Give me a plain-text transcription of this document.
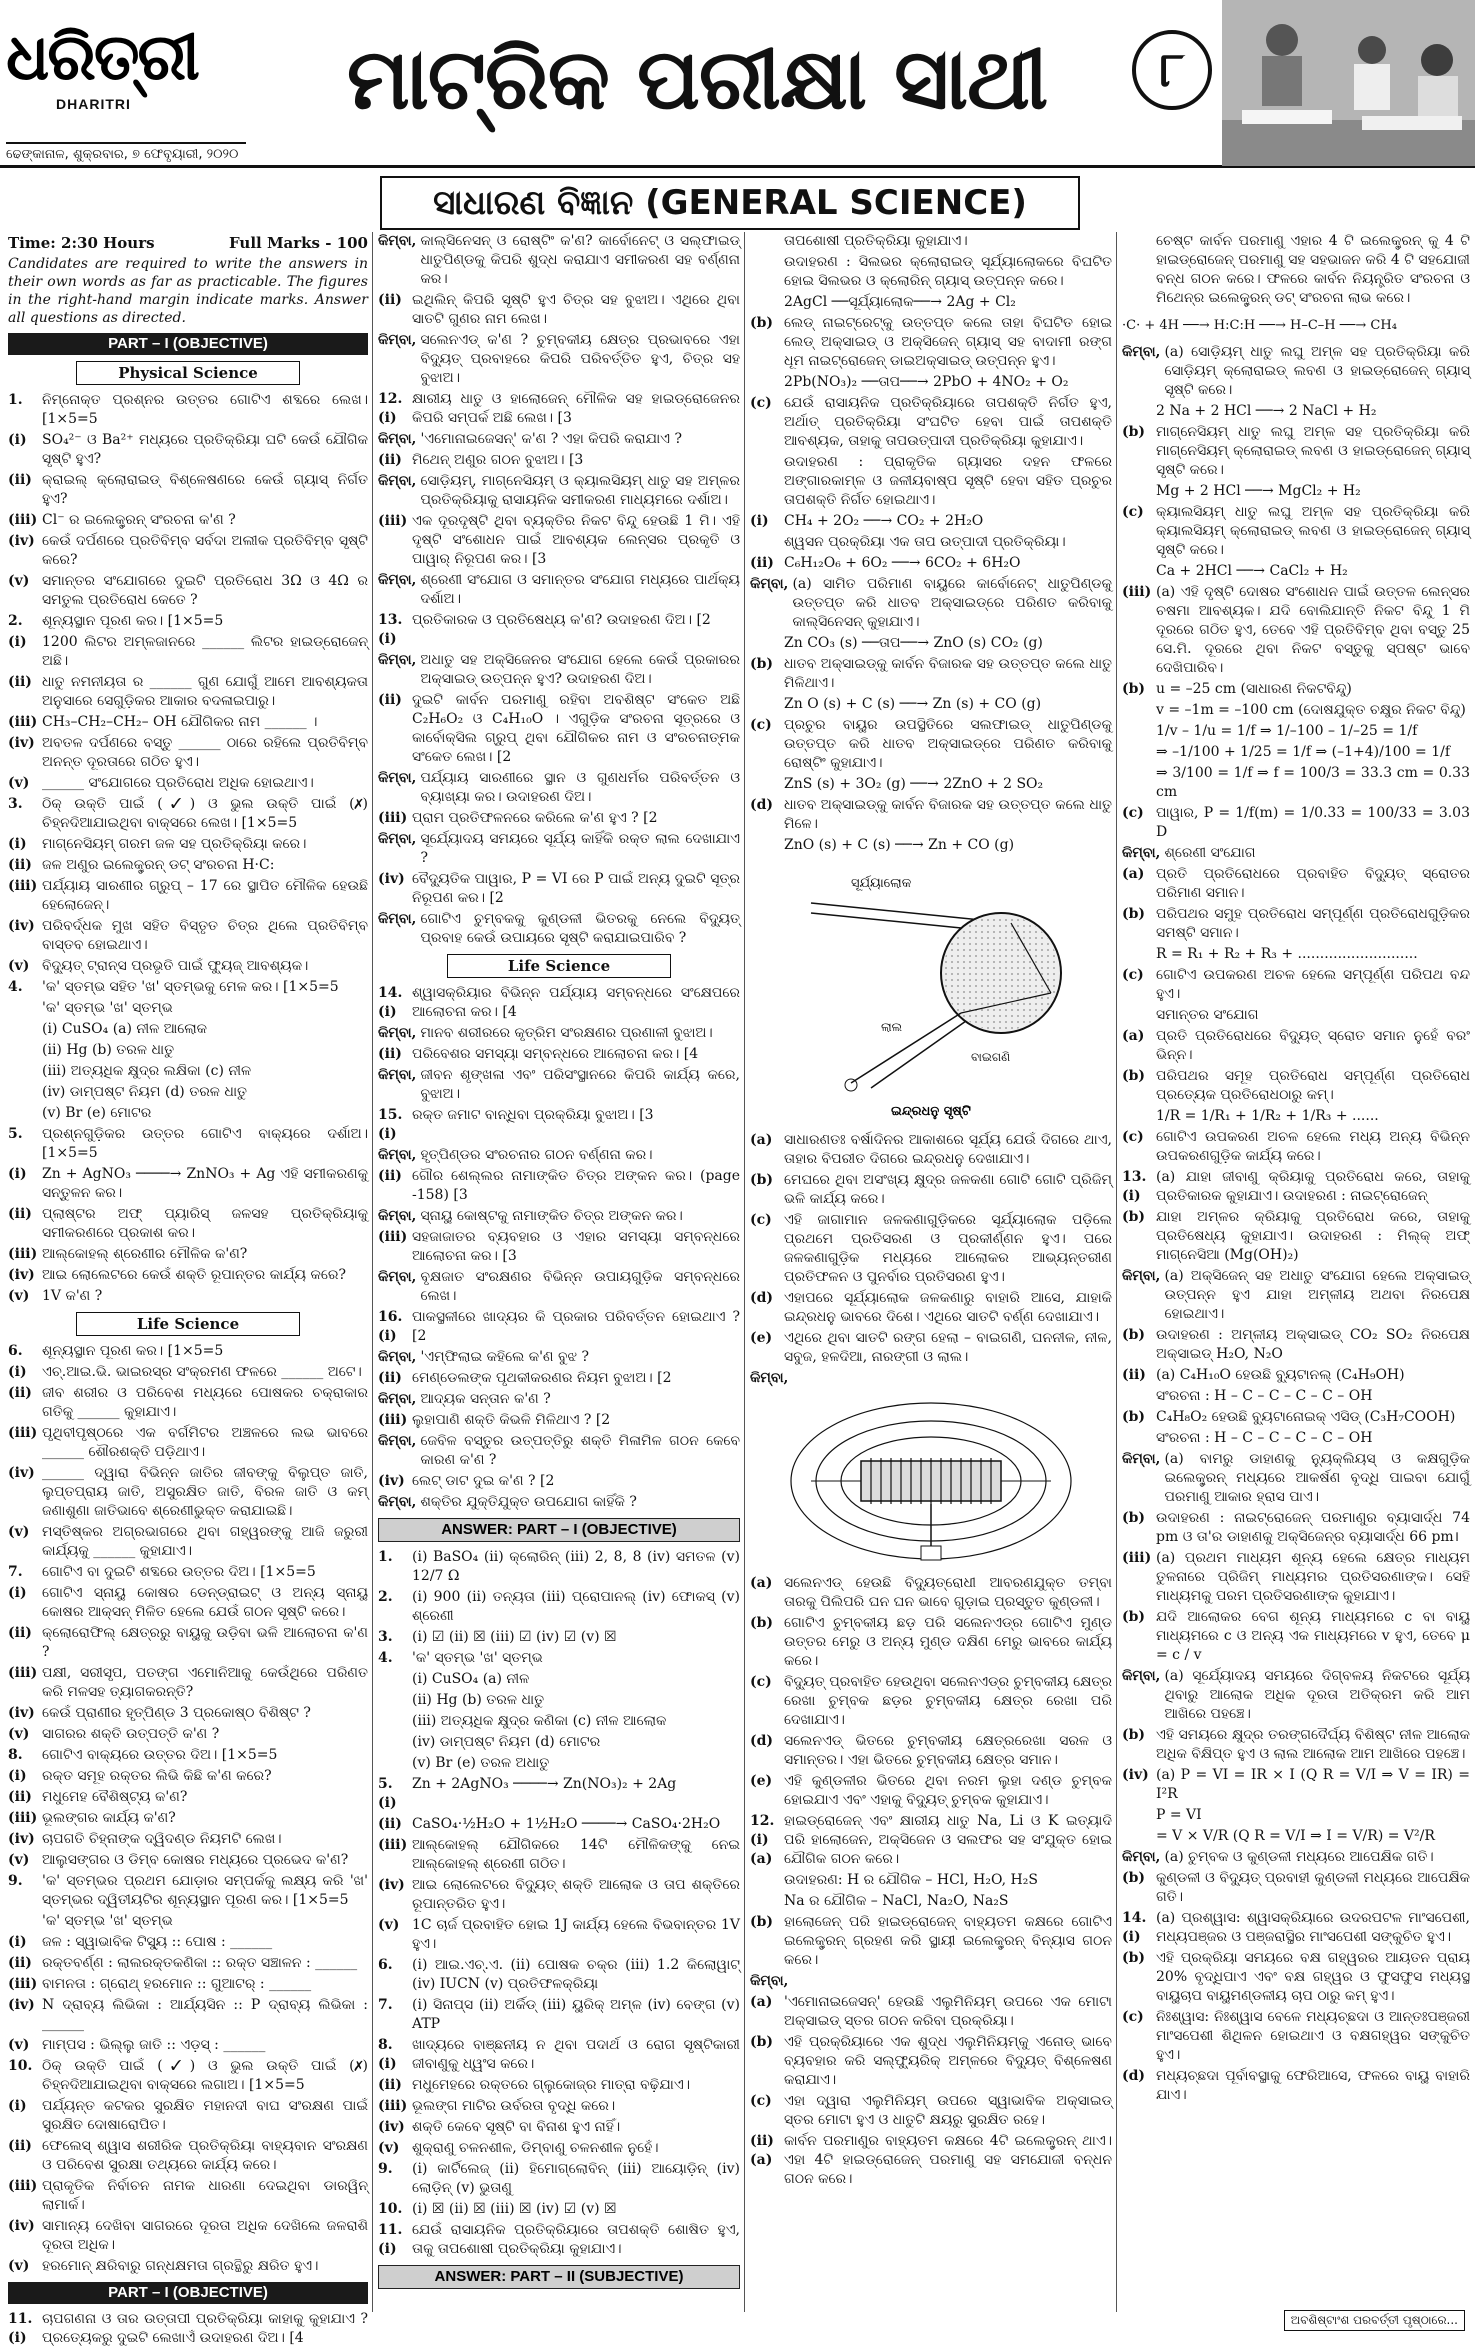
ଧରିତ୍ରୀ
DHARITRI
ଢେଙ୍କାନାଳ, ଶୁକ୍ରବାର, ୭ ଫେବୃୟାରୀ, ୨୦୨୦
ମାଟ୍ରିକ ପରୀକ୍ଷା ସାଥୀ	୮
ସାଧାରଣ ବିଜ୍ଞାନ (GENERAL SCIENCE)
Time: 2:30 Hours	Full Marks - 100
Candidates are required to write the answers in their own words as far as practicable. The figures in the right-hand margin indicate marks. Answer all questions as directed.
PART – I (OBJECTIVE)
Physical Science
1.	ନିମ୍ନୋକ୍ତ ପ୍ରଶ୍ନର ଉତ୍ତର ଗୋଟିଏ ଶବ୍ଦରେ ଲେଖ। [1×5=5
(i)	SO₄²⁻ ଓ Ba²⁺ ମଧ୍ୟରେ ପ୍ରତିକ୍ରିୟା ଘଟି କେଉଁ ଯୌଗିକ ସୃଷ୍ଟି ହୁଏ?
(ii) କ୍ରାଇଲ୍ କ୍ଲୋରାଇଡ୍ ବିଶ୍ଳେଷଣରେ କେଉଁ ଗ୍ୟାସ୍ ନିର୍ଗତ ହୁଏ?
(iii) Cl⁻ ର ଇଲେକ୍ଟ୍ରନ୍ ସଂରଚନା କ'ଣ ?
(iv) କେଉଁ ଦର୍ପଣରେ ପ୍ରତିବିମ୍ବ ସର୍ବଦା ଅଲୀକ ପ୍ରତିବିମ୍ବ ସୃଷ୍ଟି କରେ?
(v) ସମାନ୍ତର ସଂଯୋଗରେ ଦୁଇଟି ପ୍ରତିରୋଧ 3Ω ଓ 4Ω ର ସମତୁଲ ପ୍ରତିରୋଧ କେତେ ?
2.	ଶୂନ୍ୟସ୍ଥାନ ପୂରଣ କର। [1×5=5
(i)	1200 ଲିଟର ଅମ୍ଳଜାନରେ ______ ଲିଟର ହାଇଡ୍ରୋଜେନ୍ ଅଛି।
(ii) ଧାତୁ ନମନୀୟତା ର ______ ଗୁଣ ଯୋଗୁଁ ଆମେ ଆବଶ୍ୟକତା ଅନୁସାରେ ସେଗୁଡ଼ିକର ଆକାର ବଦଳାଇପାରୁ।
(iii) CH₃–CH₂–CH₂– OH ଯୌଗିକର ନାମ ______ ।
(iv) ଅବତଳ ଦର୍ପଣରେ ବସ୍ତୁ ______ ଠାରେ ରହିଲେ ପ୍ରତିବିମ୍ବ ଅନନ୍ତ ଦୂରତାରେ ଗଠିତ ହୁଏ।
(v) ______ ସଂଯୋଗରେ ପ୍ରତିରୋଧ ଅଧିକ ହୋଇଥାଏ।
3.	ଠିକ୍ ଉକ୍ତି ପାଇଁ (✓) ଓ ଭୁଲ ଉକ୍ତି ପାଇଁ (✗) ଚିହ୍ନଦିଆଯାଇଥିବା ବାକ୍ସରେ ଲେଖ। [1×5=5
(i)	ମାଗ୍ନେସିୟମ୍ ଗରମ ଜଳ ସହ ପ୍ରତିକ୍ରିୟା କରେ।
(ii) ଜଳ ଅଣୁର ଇଲେକ୍ଟ୍ରନ୍ ଡଟ୍ ସଂରଚନା H·C:
(iii) ପର୍ଯ୍ୟାୟ ସାରଣୀର ଗ୍ରୁପ୍ – 17 ରେ ସ୍ଥାପିତ ମୌଳିକ ହେଉଛି ହେଲୋଜେନ୍।
(iv) ପରିବର୍ଦ୍ଧକ ମୁଖ ସହିତ ବିସ୍ତୃତ ଚିତ୍ର ଥିଲେ ପ୍ରତିବିମ୍ବ ବାସ୍ତବ ହୋଇଥାଏ।
(v) ବିଦ୍ୟୁତ୍ ଟ୍ରାନ୍ସ ପ୍ରଭୃତି ପାଇଁ ଫ୍ୟୁଜ୍ ଆବଶ୍ୟକ।
4.	'କ' ସ୍ତମ୍ଭ ସହିତ 'ଖ' ସ୍ତମ୍ଭକୁ ମେଳ କର। [1×5=5
'କ' ସ୍ତମ୍ଭ 'ଖ' ସ୍ତମ୍ଭ
(i) CuSO₄ (a) ନୀଳ ଆଲୋକ
(ii) Hg (b) ତରଳ ଧାତୁ
(iii) ଅତ୍ୟଧିକ କ୍ଷୁଦ୍ର ଲକ୍ଷିକା (c) ନୀଳ
(iv) ଡାମ୍ପଷ୍ଟ ନିୟମ (d) ତରଳ ଧାତୁ
(v) Br (e) ମୋଟର
5.	ପ୍ରଶ୍ନଗୁଡ଼ିକର ଉତ୍ତର ଗୋଟିଏ ବାକ୍ୟରେ ଦର୍ଶାଅ। [1×5=5
(i)	Zn + AgNO₃ ────→ ZnNO₃ + Ag ଏହି ସମୀକରଣକୁ ସନ୍ତୁଳନ କର।
(ii) ପ୍ଲାଷ୍ଟର ଅଫ୍ ପ୍ୟାରିସ୍ ଜଳସହ ପ୍ରତିକ୍ରିୟାକୁ ସମୀକରଣରେ ପ୍ରକାଶ କର।
(iii) ଆଲ୍କୋହଲ୍ ଶ୍ରେଣୀର ମୌଳିକ କ'ଣ?
(iv) ଆଇ ଲୋଲେଟରେ କେଉଁ ଶକ୍ତି ରୂପାନ୍ତର କାର୍ଯ୍ୟ କରେ?
(v) 1V କ'ଣ ?
Life Science
6.	ଶୂନ୍ୟସ୍ଥାନ ପୂରଣ କର। [1×5=5
(i)	ଏଚ୍.ଆଇ.ଭି. ଭାଇରସ୍‌ର ସଂକ୍ରମଣ ଫଳରେ ______ ଅଟେ।
(ii) ଜୀବ ଶରୀର ଓ ପରିବେଶ ମଧ୍ୟରେ ପୋଷକର ଚକ୍ରାକାର ଗତିକୁ ______ କୁହାଯାଏ।
(iii) ପୃଥିବୀପୃଷ୍ଠରେ ଏକ ବର୍ଗମିଟର ଅଞ୍ଚଳରେ ଲଭ ଭାବରେ ______ ଶୌରଶକ୍ତି ପଡ଼ିଥାଏ।
(iv) ______ ଦ୍ୱାରା ବିଭିନ୍ନ ଜାତିର ଜୀବଙ୍କୁ ବିଲୁପ୍ତ ଜାତି, ଲୁପ୍ତପ୍ରାୟ ଜାତି, ଅସୁରକ୍ଷିତ ଜାତି, ବିରଳ ଜାତି ଓ କମ୍ ଜଣାଶୁଣା ଜାତିଭାବେ ଶ୍ରେଣୀଭୁକ୍ତ କରାଯାଇଛି।
(v) ମସ୍ତିଷ୍କର ଅଗ୍ରଭାଗରେ ଥିବା ଗହ୍ୱରଙ୍କୁ ଆଜି ଜରୁରୀ କାର୍ଯ୍ୟକୁ ______ କୁହାଯାଏ।
7.	ଗୋଟିଏ ବା ଦୁଇଟି ଶବ୍ଦରେ ଉତ୍ତର ଦିଅ। [1×5=5
(i)	ଗୋଟିଏ ସ୍ନାୟୁ କୋଷର ଡେନ୍‌ଡ୍ରାଇଟ୍ ଓ ଅନ୍ୟ ସ୍ନାୟୁ କୋଷର ଆକ୍ସନ୍ ମିଳିତ ହେଲେ ଯେଉଁ ଗଠନ ସୃଷ୍ଟି କରେ।
(ii) କ୍ଲୋରୋଫିଲ୍ କ୍ଷେତ୍ରରୁ ବାୟୁକୁ ଉଡ଼ିବା ଭଳି ଆଲୋଚନା କ'ଣ ?
(iii) ପକ୍ଷୀ, ସରୀସୃପ, ପତଙ୍ଗ ଏମୋନିଆକୁ କେଉଁଥିରେ ପରିଣତ କରି ମଳସହ ତ୍ୟାଗକରନ୍ତି?
(iv) କେଉଁ ପ୍ରାଣୀର ହୃତ୍ପିଣ୍ଡ 3 ପ୍ରକୋଷ୍ଠ ବିଶିଷ୍ଟ ?
(v) ସାଗରର ଶକ୍ତି ଉତ୍ପତ୍ତି କ'ଣ ?
8.	ଗୋଟିଏ ବାକ୍ୟରେ ଉତ୍ତର ଦିଅ। [1×5=5
(i)	ରକ୍ତ ସମୂହ ରକ୍ତର ଲିଭି କିଛି କ'ଣ କରେ?
(ii) ମଧୁମେହ ବୈଶିଷ୍ଟ୍ୟ କ'ଣ?
(iii) ଭୂଲଙ୍ଗର କାର୍ଯ୍ୟ କ'ଣ?
(iv) ଚାପଗତି ଚିହ୍ନାଙ୍କ ଦ୍ୱିଦଣ୍ଡ ନିୟମଟି ଲେଖ।
(v) ଆଲୁସଙ୍ଗର ଓ ଡିମ୍ବ କୋଷର ମଧ୍ୟରେ ପ୍ରଭେଦ କ'ଣ?
9.	'କ' ସ୍ତମ୍ଭର ପ୍ରଥମ ଯୋଡ଼ାର ସମ୍ପର୍କକୁ ଲକ୍ଷ୍ୟ କରି 'ଖ' ସ୍ତମ୍ଭର ଦ୍ୱିତୀୟଟିର ଶୂନ୍ୟସ୍ଥାନ ପୂରଣ କର। [1×5=5
'କ' ସ୍ତମ୍ଭ 'ଖ' ସ୍ତମ୍ଭ
(i)	ଜଳ : ସ୍ୱାଭାବିକ ଟିସ୍ୟୁ :: ପୋଷ : ______
(ii) ରକ୍ତବର୍ଣ୍ଣ : ଲାଲରକ୍ତକଣିକା :: ରକ୍ତ ସଞ୍ଚାଳନ : ______
(iii) ବାମନତା : ଗ୍ରୋଥ୍ ହରମୋନ :: ଗୁଆଟର୍ : ______
(iv) N ଦ୍ରାବ୍ୟ ଲିଭିକା : ଆର୍ଯ୍ୟସିନ :: P ଦ୍ରାବ୍ୟ ଲିଭିକା : ______
(v) ମାମ୍ପସ : ଭିଲ୍ଲୁ ଜାତି :: ଏଡ଼ସ୍ : ______
10. ଠିକ୍ ଉକ୍ତି ପାଇଁ (✓) ଓ ଭୁଲ ଉକ୍ତି ପାଇଁ (✗) ଚିହ୍ନଦିଆଯାଇଥିବା ବାକ୍ସରେ ଲଗାଅ। [1×5=5
(i)	ପର୍ଯ୍ୟନ୍ତ କଟକର ସୁରକ୍ଷିତ ମହାନଦୀ ବାଘ ସଂରକ୍ଷଣ ପାଇଁ ସୁରକ୍ଷିତ ଦୋଷାରୋପିତ।
(ii) ଫେଲେସ୍ ଶ୍ୱାସ ଶରୀରିକ ପ୍ରତିକ୍ରିୟା ବାହ୍ୟବାନ ସଂରକ୍ଷଣ ଓ ପରିବେଶ ସୁରକ୍ଷା ତଥ୍ୟରେ କାର୍ଯ୍ୟ କରେ।
(iii) ପ୍ରାକୃତିକ ନିର୍ବାଚନ ନାମକ ଧାରଣା ଦେଇଥିବା ଡାରୱିନ୍ ଲାମାର୍କ।
(iv) ସାମାନ୍ୟ ଦେଖିବା ସାଗରରେ ଦୂରତା ଅଧିକ ଦେଖିଲେ ଜଳରାଶି ଦୂରତା ଅଧିକ।
(v) ହରମୋନ୍ କ୍ଷରିବାରୁ ଗନ୍ଧକ୍ଷମତା ଗ୍ରନ୍ଥିରୁ କ୍ଷରିତ ହୁଏ।
PART – I (OBJECTIVE)
11.(i)
ଚାପଗଣନା ଓ ତାର ଉତ୍ତାପୀ ପ୍ରତିକ୍ରିୟା କାହାକୁ କୁହାଯାଏ ? ପ୍ରତ୍ୟେକରୁ ଦୁଇଟି ଲେଖାଏଁ ଉଦାହରଣ ଦିଅ। [4
କିମ୍ବା, କାଲ୍‌ସିନେସନ୍ ଓ ରୋଷ୍ଟିଂ କ'ଣ? କାର୍ବୋନେଟ୍ ଓ ସଲ୍‌ଫାଇଡ୍ ଧାତୁପିଣ୍ଡକୁ କିପରି ଶୁଦ୍ଧ କରାଯାଏ ସମୀକରଣ ସହ ବର୍ଣ୍ଣନା କର।
(ii) ଇଥିଲିନ୍ କିପରି ସୃଷ୍ଟି ହୁଏ ଚିତ୍ର ସହ ବୁଝାଅ। ଏଥିରେ ଥିବା ସାତଟି ଗୁଣର ନାମ ଲେଖ।
କିମ୍ବା, ସଲେନଏଡ୍ କ'ଣ ? ଚୁମ୍ବକୀୟ କ୍ଷେତ୍ର ପ୍ରଭାବରେ ଏହା ବିଦ୍ୟୁତ୍ ପ୍ରବାହରେ କିପରି ପରିବର୍ତ୍ତିତ ହୁଏ, ଚିତ୍ର ସହ ବୁଝାଅ।
12.(i)
କ୍ଷାରୀୟ ଧାତୁ ଓ ହାଲୋଜେନ୍ ମୌଳିକ ସହ ହାଇଡ୍ରୋଜେନର କିପରି ସମ୍ପର୍କ ଅଛି ଲେଖ। [3
କିମ୍ବା, 'ଏମୋନାଇଜେସନ୍' କ'ଣ ? ଏହା କିପରି କରାଯାଏ ?
(ii) ମିଥେନ୍ ଅଣୁର ଗଠନ ବୁଝାଅ। [3
କିମ୍ବା, ସୋଡ଼ିୟମ୍, ମାଗ୍ନେସିୟମ୍ ଓ କ୍ୟାଲସିୟମ୍ ଧାତୁ ସହ ଅମ୍ଳର ପ୍ରତିକ୍ରିୟାକୁ ରାସାୟନିକ ସମୀକରଣ ମାଧ୍ୟମରେ ଦର୍ଶାଅ।
(iii) ଏକ ଦୂରଦୃଷ୍ଟି ଥିବା ବ୍ୟକ୍ତିର ନିକଟ ବିନ୍ଦୁ ହେଉଛି 1 ମି। ଏହି ଦୃଷ୍ଟି ସଂଶୋଧନ ପାଇଁ ଆବଶ୍ୟକ ଲେନ୍ସର ପ୍ରକୃତି ଓ ପାୱାର୍ ନିରୂପଣ କର। [3
କିମ୍ବା, ଶ୍ରେଣୀ ସଂଯୋଗ ଓ ସମାନ୍ତର ସଂଯୋଗ ମଧ୍ୟରେ ପାର୍ଥକ୍ୟ ଦର୍ଶାଅ।
13.(i)
ପ୍ରତିକାରକ ଓ ପ୍ରତିଷେଧ୍ୟ କ'ଣ? ଉଦାହରଣ ଦିଅ। [2
କିମ୍ବା, ଅଧାତୁ ସହ ଅକ୍ସିଜେନର ସଂଯୋଗ ହେଲେ କେଉଁ ପ୍ରକାରର ଅକ୍ସାଇଡ୍ ଉତ୍ପନ୍ନ ହୁଏ? ଉଦାହରଣ ଦିଅ।
(ii) ଦୁଇଟି କାର୍ବନ ପରମାଣୁ ରହିବା ଅବଶିଷ୍ଟ ସଂକେତ ଅଛି C₂H₆O₂ ଓ C₄H₁₀O । ଏଗୁଡ଼ିକ ସଂରଚନା ସୂତ୍ରରେ ଓ କାର୍ବୋକ୍ସିଲ ଗ୍ରୁପ୍ ଥିବା ଯୌଗିକର ନାମ ଓ ସଂରଚନାତ୍ମକ ସଂକେତ ଲେଖ। [2
କିମ୍ବା, ପର୍ଯ୍ୟାୟ ସାରଣୀରେ ସ୍ଥାନ ଓ ଗୁଣଧର୍ମର ପରିବର୍ତ୍ତନ ଓ ବ୍ୟାଖ୍ୟା କର। ଉଦାହରଣ ଦିଅ।
(iii) ପ୍ରାମ ପ୍ରତିଫଳନରେ କରିଲେ କ'ଣ ହୁଏ ? [2
କିମ୍ବା, ସୂର୍ଯ୍ୟୋଦୟ ସମୟରେ ସୂର୍ଯ୍ୟ କାହିଁକି ରକ୍ତ ଲାଲ ଦେଖାଯାଏ ?
(iv) ବୈଦ୍ୟୁତିକ ପାୱାର, P = VI ରେ P ପାଇଁ ଅନ୍ୟ ଦୁଇଟି ସୂତ୍ର ନିରୂପଣ କର। [2
କିମ୍ବା, ଗୋଟିଏ ଚୁମ୍ବକକୁ କୁଣ୍ଡଳୀ ଭିତରକୁ ନେଲେ ବିଦ୍ୟୁତ୍ ପ୍ରବାହ କେଉଁ ଉପାୟରେ ସୃଷ୍ଟି କରାଯାଇପାରିବ ?
Life Science
14.(i)
ଶ୍ୱାସକ୍ରିୟାର ବିଭିନ୍ନ ପର୍ଯ୍ୟାୟ ସମ୍ବନ୍ଧରେ ସଂକ୍ଷେପରେ ଆଲୋଚନା କର। [4
କିମ୍ବା, ମାନବ ଶରୀରରେ କୃତ୍ରିମ ସଂରକ୍ଷଣର ପ୍ରଣାଳୀ ବୁଝାଅ।
(ii) ପରିବେଶର ସମସ୍ୟା ସମ୍ବନ୍ଧରେ ଆଲୋଚନା କର। [4
କିମ୍ବା, ଜୀବନ ଶୃଙ୍ଖଳା ଏବଂ ପରିସଂସ୍ଥାନରେ କିପରି କାର୍ଯ୍ୟ କରେ, ବୁଝାଅ।
15.(i)
ରକ୍ତ ଜମାଟ ବାନ୍ଧିବା ପ୍ରକ୍ରିୟା ବୁଝାଅ। [3
କିମ୍ବା, ହୃତ୍ପିଣ୍ଡର ସଂରଚନାର ଗଠନ ବର୍ଣ୍ଣନା କର।
(ii) ଗୌର ଶେଲ୍ଲର ନାମାଙ୍କିତ ଚିତ୍ର ଅଙ୍କନ କର। (page -158) [3
କିମ୍ବା, ସ୍ନାୟୁ କୋଷ୍ଟକୁ ନାମାଙ୍କିତ ଚିତ୍ର ଅଙ୍କନ କର।
(iii) ସହଜାଜାତର ବ୍ୟବହାର ଓ ଏହାର ସମସ୍ୟା ସମ୍ବନ୍ଧରେ ଆଲୋଚନା କର। [3
କିମ୍ବା, ବୃକ୍ଷଜାତ ସଂରକ୍ଷଣର ବିଭିନ୍ନ ଉପାୟଗୁଡ଼ିକ ସମ୍ବନ୍ଧରେ ଲେଖ।
16.(i)
ପାକସ୍ଥଳୀରେ ଖାଦ୍ୟର କି ପ୍ରକାର ପରିବର୍ତ୍ତନ ହୋଇଥାଏ ? [2
କିମ୍ବା, 'ଏମ୍ଫିଲାଇ କହିଲେ କ'ଣ ବୁଝ ?
(ii) ମେଣ୍ଡେଲଙ୍କ ପୃଥକୀକରଣର ନିୟମ ବୁଝାଅ। [2
କିମ୍ବା, ଆଦ୍ୟକ ସନ୍ତାନ କ'ଣ ?
(iii) ଲୁହାପାଣି ଶକ୍ତି କିଭଳି ମିଳିଥାଏ ? [2
କିମ୍ବା, ଜେବିଳ ବସ୍ତୁର ଉତ୍ପତ୍ତିରୁ ଶକ୍ତି ମିଳାମିଳ ଗଠନ କେବେ କାରଣ କ'ଣ ?
(iv) ଲେଟ୍ ଡାଟ ଦୁଇ କ'ଣ ? [2
କିମ୍ବା, ଶକ୍ତିର ଯୁକ୍ତିଯୁକ୍ତ ଉପଯୋଗ କାହିଁକି ?
ANSWER: PART – I (OBJECTIVE)
1.	(i) BaSO₄ (ii) କ୍ଲୋରିନ୍ (iii) 2, 8, 8 (iv) ସମତଳ (v) 12/7 Ω
2.	(i) 900 (ii) ତନ୍ୟତା (iii) ପ୍ରୋପାନଲ୍ (iv) ଫୋକସ୍ (v) ଶ୍ରେଣୀ
3.	(i) ☑ (ii) ☒ (iii) ☑ (iv) ☑ (v) ☒
4.	'କ' ସ୍ତମ୍ଭ 'ଖ' ସ୍ତମ୍ଭ
(i) CuSO₄ (a) ନୀଳ
(ii) Hg (b) ତରଳ ଧାତୁ
(iii) ଅତ୍ୟଧିକ କ୍ଷୁଦ୍ର କଣିକା (c) ନୀଳ ଆଲୋକ
(iv) ଡାମ୍ପଷ୍ଟ ନିୟମ (d) ମୋଟର
(v) Br (e) ତରଳ ଅଧାତୁ
5.(i)
Zn + 2AgNO₃ ────→ Zn(NO₃)₂ + 2Ag
(ii) CaSO₄·½H₂O + 1½H₂O ────→ CaSO₄·2H₂O
(iii) ଆଲ୍କୋହଲ୍ ଯୌଗିକରେ 14ଟି ମୌଳିକଙ୍କୁ ନେଇ ଆଲ୍କୋହଲ୍ ଶ୍ରେଣୀ ଗଠିତ।
(iv) ଆଇ ଲୋଲେଟରେ ବିଦ୍ୟୁତ୍ ଶକ୍ତି ଆଲୋକ ଓ ତାପ ଶକ୍ତିରେ ରୂପାନ୍ତରିତ ହୁଏ।
(v) 1C ଚାର୍ଜ ପ୍ରବାହିତ ହୋଇ 1J କାର୍ଯ୍ୟ ହେଲେ ବିଭବାନ୍ତର 1V ହୁଏ।
6.	(i) ଆଇ.ଏଚ୍.ଏ. (ii) ପୋଷକ ଚକ୍ର (iii) 1.2 କିଲୋୱାଟ୍ (iv) IUCN (v) ପ୍ରତିଫଳକ୍ରିୟା
7.	(i) ସିନାପ୍ସ (ii) ଅର୍କିଡ୍ (iii) ୟୁରିକ୍ ଅମ୍ଳ (iv) ବେଙ୍ଗ (v) ATP
8.(i)
ଖାଦ୍ୟରେ ବାଞ୍ଛନୀୟ ନ ଥିବା ପଦାର୍ଥ ଓ ରୋଗ ସୃଷ୍ଟିକାରୀ ଜୀବାଣୁକୁ ଧ୍ୱଂସ କରେ।
(ii) ମଧୁମେହରେ ରକ୍ତରେ ଗ୍ଲୁକୋଜ୍‌ର ମାତ୍ରା ବଢ଼ିଯାଏ।
(iii) ଭୂଲଙ୍ଗ ମାଟିର ଉର୍ବରତା ବୃଦ୍ଧି କରେ।
(iv) ଶକ୍ତି କେବେ ସୃଷ୍ଟି ବା ବିନାଶ ହୁଏ ନାହିଁ।
(v) ଶୁକ୍ରାଣୁ ଚଳନଶୀଳ, ଡିମ୍ବାଣୁ ଚଳନଶୀଳ ନୁହେଁ।
9.	(i) କାର୍ଟିଲେଜ୍ (ii) ହିମୋଗ୍ଲୋବିନ୍ (iii) ଆୟୋଡ଼ିନ୍ (iv) ଲୋଡ଼ିନ୍ (v) ଭୁତାଣୁ
10. (i) ☒ (ii) ☒ (iii) ☒ (iv) ☑ (v) ☒
11.(i)
ଯେଉଁ ରାସାୟନିକ ପ୍ରତିକ୍ରିୟାରେ ତାପଶକ୍ତି ଶୋଷିତ ହୁଏ, ତାକୁ ତାପଶୋଷୀ ପ୍ରତିକ୍ରିୟା କୁହାଯାଏ।
ANSWER: PART – II (SUBJECTIVE)
ତାପଶୋଷୀ ପ୍ରତିକ୍ରିୟା କୁହାଯାଏ।
ଉଦାହରଣ : ସିଲଭର କ୍ଲୋରାଇଡ୍ ସୂର୍ଯ୍ୟାଲୋକରେ ବିଘଟିତ ହୋଇ ସିଲଭର ଓ କ୍ଲୋରିନ୍ ଗ୍ୟାସ୍ ଉତ୍ପନ୍ନ କରେ।
2AgCl ──ସୂର୍ଯ୍ୟାଲୋକ──→ 2Ag + Cl₂
(b) ଲେଡ୍ ନାଇଟ୍ରେଟ୍‌କୁ ଉତ୍ତପ୍ତ କଲେ ତାହା ବିଘଟିତ ହୋଇ ଲେଡ୍ ଅକ୍ସାଇଡ୍ ଓ ଅକ୍ସିଜେନ୍ ଗ୍ୟାସ୍ ସହ ବାଦାମୀ ରଙ୍ଗ ଧୂମ ନାଇଟ୍ରୋଜେନ୍ ଡାଇଅକ୍ସାଇଡ୍ ଉତ୍ପନ୍ନ ହୁଏ।
2Pb(NO₃)₂ ──ତାପ──→ 2PbO + 4NO₂ + O₂
(c) ଯେଉଁ ରାସାୟନିକ ପ୍ରତିକ୍ରିୟାରେ ତାପଶକ୍ତି ନିର୍ଗତ ହୁଏ, ଅର୍ଥାତ୍ ପ୍ରତିକ୍ରିୟା ସଂଘଟିତ ହେବା ପାଇଁ ତାପଶକ୍ତି ଆବଶ୍ୟକ, ତାହାକୁ ତାପଉତ୍ପାଦୀ ପ୍ରତିକ୍ରିୟା କୁହାଯାଏ।
ଉଦାହରଣ : ପ୍ରାକୃତିକ ଗ୍ୟାସର ଦହନ ଫଳରେ ଅଙ୍ଗାରକାମ୍ଳ ଓ ଜଳୀୟବାଷ୍ପ ସୃଷ୍ଟି ହେବା ସହିତ ପ୍ରଚୁର ତାପଶକ୍ତି ନିର୍ଗତ ହୋଇଥାଏ।
(i)	CH₄ + 2O₂ ──→ CO₂ + 2H₂O
ଶ୍ୱସନ ପ୍ରକ୍ରିୟା ଏକ ତାପ ଉତ୍ପାଦୀ ପ୍ରତିକ୍ରିୟା।
(ii) C₆H₁₂O₆ + 6O₂ ──→ 6CO₂ + 6H₂O
କିମ୍ବା, (a) ସାମିତ ପରିମାଣ ବାୟୁରେ କାର୍ବୋନେଟ୍ ଧାତୁପିଣ୍ଡକୁ ଉତ୍ତପ୍ତ କରି ଧାତବ ଅକ୍ସାଇଡ୍‌ରେ ପରିଣତ କରିବାକୁ କାଲ୍‌ସିନେସନ୍ କୁହାଯାଏ।
Zn CO₃ (s) ──ତାପ──→ ZnO (s) CO₂ (g)
(b) ଧାତବ ଅକ୍ସାଇଡ୍‌କୁ କାର୍ବନ ବିଜାରକ ସହ ଉତ୍ତପ୍ତ କଲେ ଧାତୁ ମିଳିଥାଏ।
Zn O (s) + C (s) ──→ Zn (s) + CO (g)
(c) ପ୍ରଚୁର ବାୟୁର ଉପସ୍ଥିତିରେ ସଲଫାଇଡ୍ ଧାତୁପିଣ୍ଡକୁ ଉତ୍ତପ୍ତ କରି ଧାତବ ଅକ୍ସାଇଡ୍‌ରେ ପରିଣତ କରିବାକୁ ରୋଷ୍ଟିଂ କୁହାଯାଏ।
ZnS (s) + 3O₂ (g) ──→ 2ZnO + 2 SO₂
(d) ଧାତବ ଅକ୍ସାଇଡ୍‌କୁ କାର୍ବନ ବିଜାରକ ସହ ଉତ୍ତପ୍ତ କଲେ ଧାତୁ ମିଳେ।
ZnO (s) + C (s) ──→ Zn + CO (g)
ସୂର୍ଯ୍ୟାଲୋକ
ଲାଲ
ବାଇଗଣି
ଇନ୍ଦ୍ରଧନୁ ସୃଷ୍ଟି
(a) ସାଧାରଣତଃ ବର୍ଷାଦିନର ଆକାଶରେ ସୂର୍ଯ୍ୟ ଯେଉଁ ଦିଗରେ ଥାଏ, ତାହାର ବିପରୀତ ଦିଗରେ ଇନ୍ଦ୍ରଧନୁ ଦେଖାଯାଏ।
(b) ମେଘରେ ଥିବା ଅସଂଖ୍ୟ କ୍ଷୁଦ୍ର ଜଳକଣା ଗୋଟି ଗୋଟି ପ୍ରିଜିମ୍ ଭଳି କାର୍ଯ୍ୟ କରେ।
(c) ଏହି ଜାଗାମାନ ଜଳକଣାଗୁଡ଼ିକରେ ସୂର୍ଯ୍ୟାଲୋକ ପଡ଼ିଲେ ପ୍ରଥମେ ପ୍ରତିସରଣ ଓ ପ୍ରକୀର୍ଣ୍ଣନ ହୁଏ। ପରେ ଜଳକଣାଗୁଡ଼ିକ ମଧ୍ୟରେ ଆଲୋକର ଆଭ୍ୟନ୍ତରୀଣ ପ୍ରତିଫଳନ ଓ ପୁନର୍ବାର ପ୍ରତିସରଣ ହୁଏ।
(d) ଏହାପରେ ସୂର୍ଯ୍ୟାଲୋକ ଜଳକଣାରୁ ବାହାରି ଆସେ, ଯାହାକି ଇନ୍ଦ୍ରଧନୁ ଭାବରେ ଦିଶେ। ଏଥିରେ ସାତଟି ବର୍ଣ୍ଣ ଦେଖାଯାଏ।
(e) ଏଥିରେ ଥିବା ସାତଟି ରଙ୍ଗ ହେଲା – ବାଇଗଣି, ଘନନୀଳ, ନୀଳ, ସବୁଜ, ହଳଦିଆ, ନାରଙ୍ଗୀ ଓ ଲାଲ।
କିମ୍ବା,
(a) ସଲେନଏଡ୍ ହେଉଛି ବିଦ୍ୟୁତ୍‌ରୋଧୀ ଆବରଣଯୁକ୍ତ ତମ୍ବା ତାରକୁ ପିଲିପରି ଘନ ଘନ ଭାବେ ଗୁଡ଼ାଇ ପ୍ରସ୍ତୁତ କୁଣ୍ଡଳୀ।
(b) ଗୋଟିଏ ଚୁମ୍ବକୀୟ ଛଡ଼ ପରି ସଲେନଏଡ୍‌ର ଗୋଟିଏ ମୁଣ୍ଡ ଉତ୍ତର ମେରୁ ଓ ଅନ୍ୟ ମୁଣ୍ଡ ଦକ୍ଷିଣ ମେରୁ ଭାବରେ କାର୍ଯ୍ୟ କରେ।
(c) ବିଦ୍ୟୁତ୍ ପ୍ରବାହିତ ହେଉଥିବା ସଲେନଏଡ୍‌ର ଚୁମ୍ବକୀୟ କ୍ଷେତ୍ର ରେଖା ଚୁମ୍ବକ ଛଡ଼ର ଚୁମ୍ବକୀୟ କ୍ଷେତ୍ର ରେଖା ପରି ଦେଖାଯାଏ।
(d) ସଲେନଏଡ୍ ଭିତରେ ଚୁମ୍ବକୀୟ କ୍ଷେତ୍ରରେଖା ସରଳ ଓ ସମାନ୍ତର। ଏହା ଭିତରେ ଚୁମ୍ବକୀୟ କ୍ଷେତ୍ର ସମାନ।
(e) ଏହି କୁଣ୍ଡଳୀର ଭିତରେ ଥିବା ନରମ ଲୁହା ଦଣ୍ଡ ଚୁମ୍ବକ ହୋଇଯାଏ ଏବଂ ଏହାକୁ ବିଦ୍ୟୁତ୍ ଚୁମ୍ବକ କୁହାଯାଏ।
12.(i)(a)
ହାଇଡ୍ରୋଜେନ୍ ଏବଂ କ୍ଷାରୀୟ ଧାତୁ Na, Li ଓ K ଇତ୍ୟାଦି ପରି ହାଲୋଜେନ, ଅକ୍ସିଜେନ ଓ ସଲଫର ସହ ସଂଯୁକ୍ତ ହୋଇ ଯୌଗିକ ଗଠନ କରେ।
ଉଦାହରଣ: H ର ଯୌଗିକ – HCl, H₂O, H₂S
Na ର ଯୌଗିକ – NaCl, Na₂O, Na₂S
(b) ହାଲୋଜେନ୍ ପରି ହାଇଡ୍ରୋଜେନ୍ ବାହ୍ୟତମ କକ୍ଷରେ ଗୋଟିଏ ଇଲେକ୍ଟ୍ରନ୍ ଗ୍ରହଣ କରି ସ୍ଥାୟୀ ଇଲେକ୍ଟ୍ରନ୍ ବିନ୍ୟାସ ଗଠନ କରେ।
କିମ୍ବା,
(a) 'ଏମୋନାଇଜେସନ୍' ହେଉଛି ଏଲୁମିନିୟମ୍ ଉପରେ ଏକ ମୋଟା ଅକ୍ସାଇଡ୍ ସ୍ତର ଗଠନ କରିବା ପ୍ରକ୍ରିୟା।
(b) ଏହି ପ୍ରକ୍ରିୟାରେ ଏକ ଶୁଦ୍ଧ ଏଲୁମିନିୟମ୍‌କୁ ଏନୋଡ୍ ଭାବେ ବ୍ୟବହାର କରି ସଲ୍‌ଫ୍ୟୁରିକ୍ ଅମ୍ଳରେ ବିଦ୍ୟୁତ୍ ବିଶ୍ଳେଷଣ କରାଯାଏ।
(c) ଏହା ଦ୍ୱାରା ଏଲୁମିନିୟମ୍ ଉପରେ ସ୍ୱାଭାବିକ ଅକ୍ସାଇଡ୍ ସ୍ତର ମୋଟା ହୁଏ ଓ ଧାତୁଟି କ୍ଷୟରୁ ସୁରକ୍ଷିତ ରହେ।
(ii)(a)
କାର୍ବନ ପରମାଣୁର ବାହ୍ୟତମ କକ୍ଷରେ 4ଟି ଇଲେକ୍ଟ୍ରନ୍ ଥାଏ। ଏହା 4ଟି ହାଇଡ୍ରୋଜେନ୍ ପରମାଣୁ ସହ ସମଯୋଜୀ ବନ୍ଧନ ଗଠନ କରେ।
ଚେଷ୍ଟ କାର୍ବନ ପରମାଣୁ ଏହାର 4 ଟି ଇଲେକ୍ଟ୍ରନ୍ କୁ 4 ଟି ହାଇଡ୍ରୋଜେନ୍ ପରମାଣୁ ସହ ସହଭାଜନ କରି 4 ଟି ସହଯୋଜୀ ବନ୍ଧ ଗଠନ କରେ। ଫଳରେ କାର୍ବନ ନିୟନ୍ତ୍ରିତ ସଂରଚନା ଓ ମିଥେନ୍‌ର ଇଲେକ୍ଟ୍ରନ୍ ଡଟ୍ ସଂରଚନା ଲାଭ କରେ।
·C· + 4H ──→ H:C:H ──→ H–C–H ──→ CH₄
କିମ୍ବା, (a) ସୋଡ଼ିୟମ୍ ଧାତୁ ଲଘୁ ଅମ୍ଳ ସହ ପ୍ରତିକ୍ରିୟା କରି ସୋଡ଼ିୟମ୍ କ୍ଲୋରାଇଡ୍ ଲବଣ ଓ ହାଇଡ୍ରୋଜେନ୍ ଗ୍ୟାସ୍ ସୃଷ୍ଟି କରେ।
2 Na + 2 HCl ──→ 2 NaCl + H₂
(b) ମାଗ୍ନେସିୟମ୍ ଧାତୁ ଲଘୁ ଅମ୍ଳ ସହ ପ୍ରତିକ୍ରିୟା କରି ମାଗ୍ନେସିୟମ୍ କ୍ଲୋରାଇଡ୍ ଲବଣ ଓ ହାଇଡ୍ରୋଜେନ୍ ଗ୍ୟାସ୍ ସୃଷ୍ଟି କରେ।
Mg + 2 HCl ──→ MgCl₂ + H₂
(c) କ୍ୟାଲସିୟମ୍ ଧାତୁ ଲଘୁ ଅମ୍ଳ ସହ ପ୍ରତିକ୍ରିୟା କରି କ୍ୟାଲସିୟମ୍ କ୍ଲୋରାଇଡ୍ ଲବଣ ଓ ହାଇଡ୍ରୋଜେନ୍ ଗ୍ୟାସ୍ ସୃଷ୍ଟି କରେ।
Ca + 2HCl ──→ CaCl₂ + H₂
(iii) (a) ଏହି ଦୃଷ୍ଟି ଦୋଷର ସଂଶୋଧନ ପାଇଁ ଉତ୍ତଳ ଲେନ୍ସର ଚଷମା ଆବଶ୍ୟକ। ଯଦି ବୋଲିଯାନ୍ତି ନିକଟ ବିନ୍ଦୁ 1 ମି ଦୂରରେ ଗଠିତ ହୁଏ, ତେବେ ଏହି ପ୍ରତିବିମ୍ବ ଥିବା ବସ୍ତୁ 25 ସେ.ମି. ଦୂରରେ ଥିବା ନିକଟ ବସ୍ତୁକୁ ସ୍ପଷ୍ଟ ଭାବେ ଦେଖିପାରିବ।
(b) u = –25 cm (ସାଧାରଣ ନିକଟବିନ୍ଦୁ)
v = –1m = –100 cm (ଦୋଷଯୁକ୍ତ ଚକ୍ଷୁର ନିକଟ ବିନ୍ଦୁ)
1/v – 1/u = 1/f ⇒ 1/–100 – 1/–25 = 1/f
⇒ –1/100 + 1/25 = 1/f ⇒ (–1+4)/100 = 1/f
⇒ 3/100 = 1/f ⇒ f = 100/3 = 33.3 cm = 0.33 cm
(c) ପାୱାର, P = 1/f(m) = 1/0.33 = 100/33 = 3.03 D
କିମ୍ବା, ଶ୍ରେଣୀ ସଂଯୋଗ
(a) ପ୍ରତି ପ୍ରତିରୋଧରେ ପ୍ରବାହିତ ବିଦ୍ୟୁତ୍ ସ୍ରୋତର ପରିମାଣ ସମାନ।
(b) ପରିପଥର ସମୁହ ପ୍ରତିରୋଧ ସମ୍ପୂର୍ଣ୍ଣ ପ୍ରତିରୋଧଗୁଡ଼ିକର ସମଷ୍ଟି ସମାନ।
R = R₁ + R₂ + R₃ + ...........................
(c) ଗୋଟିଏ ଉପକରଣ ଅଚଳ ହେଲେ ସମ୍ପୂର୍ଣ୍ଣ ପରିପଥ ବନ୍ଦ ହୁଏ।
ସମାନ୍ତର ସଂଯୋଗ
(a) ପ୍ରତି ପ୍ରତିରୋଧରେ ବିଦ୍ୟୁତ୍ ସ୍ରୋତ ସମାନ ନୁହେଁ ବରଂ ଭିନ୍ନ।
(b) ପରିପଥର ସମୂହ ପ୍ରତିରୋଧ ସମ୍ପୂର୍ଣ୍ଣ ପ୍ରତିରୋଧ ପ୍ରତ୍ୟେକ ପ୍ରତିରୋଧଠାରୁ କମ୍।
1/R = 1/R₁ + 1/R₂ + 1/R₃ + ......
(c) ଗୋଟିଏ ଉପକରଣ ଅଚଳ ହେଲେ ମଧ୍ୟ ଅନ୍ୟ ବିଭିନ୍ନ ଉପକରଣଗୁଡ଼ିକ କାର୍ଯ୍ୟ କରେ।
13.(i)
(a) ଯାହା ଜୀବାଣୁ କ୍ରିୟାକୁ ପ୍ରତିରୋଧ କରେ, ତାହାକୁ ପ୍ରତିକାରକ କୁହାଯାଏ। ଉଦାହରଣ : ନାଇଟ୍ରୋଜେନ୍
(b) ଯାହା ଅମ୍ଳର କ୍ରିୟାକୁ ପ୍ରତିରୋଧ କରେ, ତାହାକୁ ପ୍ରତିଷେଧ୍ୟ କୁହାଯାଏ। ଉଦାହରଣ : ମିଲ୍କ୍ ଅଫ୍ ମାଗ୍ନେସିଆ (Mg(OH)₂)
କିମ୍ବା, (a) ଅକ୍ସିଜେନ୍ ସହ ଅଧାତୁ ସଂଯୋଗ ହେଲେ ଅକ୍ସାଇଡ୍ ଉତ୍ପନ୍ନ ହୁଏ ଯାହା ଅମ୍ଳୀୟ ଅଥବା ନିରପେକ୍ଷ ହୋଇଥାଏ।
(b) ଉଦାହରଣ : ଅମ୍ଳୀୟ ଅକ୍ସାଇଡ୍ CO₂ SO₂ ନିରପେକ୍ଷ ଅକ୍ସାଇଡ୍ H₂O, N₂O
(ii) (a) C₄H₁₀O ହେଉଛି ବ୍ୟୁଟାନଲ୍ (C₄H₉OH)
ସଂରଚନା : H – C – C – C – C – OH
(b) C₄H₈O₂ ହେଉଛି ବ୍ୟୁଟାନୋଇକ୍ ଏସିଡ୍ (C₃H₇COOH)
ସଂରଚନା : H – C – C – C – C – OH
କିମ୍ବା, (a) ବାମରୁ ଡାହାଣକୁ ନ୍ୟୁକ୍ଲିୟସ୍ ଓ କକ୍ଷଗୁଡ଼ିକ ଇଲେକ୍ଟ୍ରନ୍ ମଧ୍ୟରେ ଆକର୍ଷଣ ବୃଦ୍ଧି ପାଇବା ଯୋଗୁଁ ପରମାଣୁ ଆକାର ହ୍ରାସ ପାଏ।
(b) ଉଦାହରଣ : ନାଇଟ୍ରୋଜେନ୍ ପରମାଣୁର ବ୍ୟାସାର୍ଦ୍ଧ 74 pm ଓ ତା'ର ଡାହାଣକୁ ଅକ୍ସିଜେନ୍‌ର ବ୍ୟାସାର୍ଦ୍ଧ 66 pm।
(iii) (a) ପ୍ରଥମ ମାଧ୍ୟମ ଶୂନ୍ୟ ହେଲେ କ୍ଷେତ୍ର ମାଧ୍ୟମ ତୁଳନାରେ ପ୍ରିଜିମ୍ ମାଧ୍ୟମର ପ୍ରତିସରଣାଙ୍କ। ସେହି ମାଧ୍ୟମକୁ ପରମ ପ୍ରତିସରଣାଙ୍କ କୁହାଯାଏ।
(b) ଯଦି ଆଲୋକର ବେଗ ଶୂନ୍ୟ ମାଧ୍ୟମରେ c ବା ବାୟୁ ମାଧ୍ୟମରେ c ଓ ଅନ୍ୟ ଏକ ମାଧ୍ୟମରେ v ହୁଏ, ତେବେ μ = c / v
କିମ୍ବା, (a) ସୂର୍ଯ୍ୟୋଦୟ ସମୟରେ ଦିଗ୍‌ବଳୟ ନିକଟରେ ସୂର୍ଯ୍ୟ ଥିବାରୁ ଆଲୋକ ଅଧିକ ଦୂରତା ଅତିକ୍ରମ କରି ଆମ ଆଖିରେ ପହଞ୍ଚେ।
(b) ଏହି ସମୟରେ କ୍ଷୁଦ୍ର ତରଙ୍ଗଦୈର୍ଘ୍ୟ ବିଶିଷ୍ଟ ନୀଳ ଆଲୋକ ଅଧିକ ବିକ୍ଷିପ୍ତ ହୁଏ ଓ ଲାଲ ଆଲୋକ ଆମ ଆଖିରେ ପହଞ୍ଚେ।
(iv) (a) P = VI = IR × I (Q R = V/I ⇒ V = IR) = I²R
P = VI
= V × V/R (Q R = V/I ⇒ I = V/R) = V²/R
କିମ୍ବା, (a) ଚୁମ୍ବକ ଓ କୁଣ୍ଡଳୀ ମଧ୍ୟରେ ଆପେକ୍ଷିକ ଗତି।
(b) କୁଣ୍ଡଳୀ ଓ ବିଦ୍ୟୁତ୍ ପ୍ରବାହୀ କୁଣ୍ଡଳୀ ମଧ୍ୟରେ ଆପେକ୍ଷିକ ଗତି।
14.(i)
(a) ପ୍ରଶ୍ୱାସ: ଶ୍ୱାସକ୍ରିୟାରେ ଉଦରପଟଳ ମାଂସପେଶୀ, ମଧ୍ୟପଞ୍ଜର ଓ ପଞ୍ଜରାସ୍ଥିର ମାଂସପେଶୀ ସଙ୍କୁଚିତ ହୁଏ।
(b) ଏହି ପ୍ରକ୍ରିୟା ସମୟରେ ବକ୍ଷ ଗହ୍ୱରର ଆୟତନ ପ୍ରାୟ 20% ବୃଦ୍ଧିପାଏ ଏବଂ ବକ୍ଷ ଗହ୍ୱର ଓ ଫୁସଫୁସ ମଧ୍ୟସ୍ଥ ବାୟୁଚାପ ବାୟୁମଣ୍ଡଳୀୟ ଚାପ ଠାରୁ କମ୍ ହୁଏ।
(c) ନିଃଶ୍ୱାସ: ନିଃଶ୍ୱାସ ବେଳେ ମଧ୍ୟଚ୍ଛଦା ଓ ଆନ୍ତଃପଞ୍ଜରୀ ମାଂସପେଶୀ ଶିଥିଳନ ହୋଇଥାଏ ଓ ବକ୍ଷଗହ୍ୱର ସଙ୍କୁଚିତ ହୁଏ।
(d) ମଧ୍ୟଚ୍ଛଦା ପୂର୍ବାବସ୍ଥାକୁ ଫେରିଆସେ, ଫଳରେ ବାୟୁ ବାହାରି ଯାଏ।
ଅବଶିଷ୍ଟାଂଶ ପରବର୍ତ୍ତୀ ପୃଷ୍ଠାରେ...
